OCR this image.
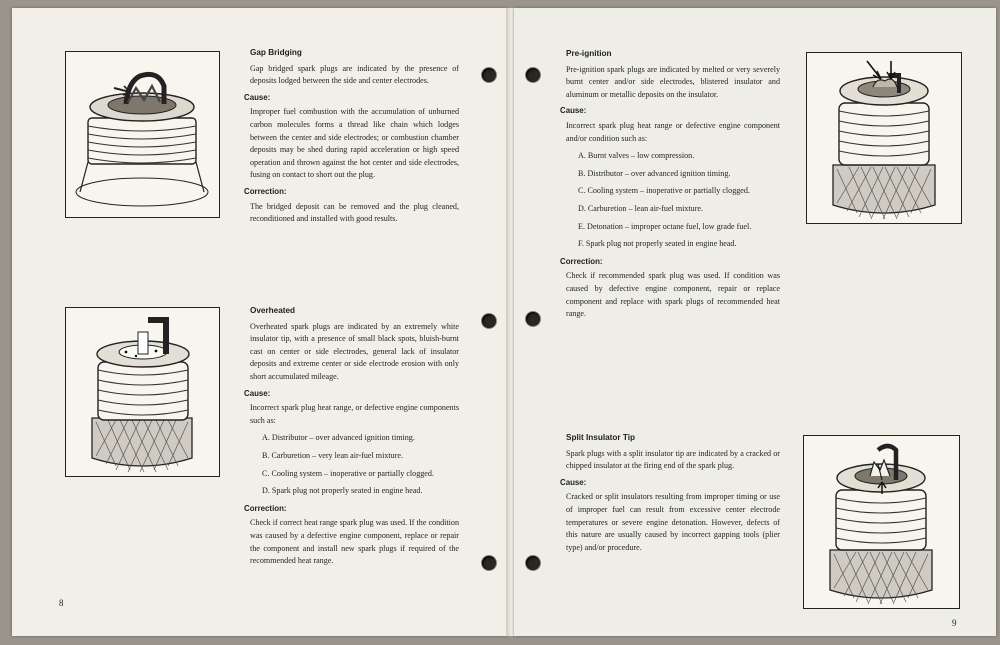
Gap Bridging

Gap bridged spark plugs are indicated by the presence of deposits lodged between the side and center electrodes.

Cause:

Improper fuel combustion with the accumulation of unburned carbon molecules forms a thread like chain which lodges between the center and side electrodes; or combustion chamber deposits may be shed during rapid acceleration or high speed operation and thrown against the hot center and side electrodes, fusing on contact to short out the plug.

Correction:

The bridged deposit can be removed and the plug cleaned, reconditioned and installed with good results.

Overheated

Overheated spark plugs are indicated by an extremely white insulator tip, with a presence of small black spots, bluish-burnt cast on center or side electrodes, general lack of insulator deposits and extreme center or side electrode erosion with only short accumulated mileage.

Cause:

Incorrect spark plug heat range, or defective engine components such as:

A. Distributor – over advanced ignition timing.
B. Carburetion – very lean air-fuel mixture.
C. Cooling system – inoperative or partially clogged.
D. Spark plug not properly seated in engine head.
Correction:

Check if correct heat range spark plug was used. If the condition was caused by a defective engine component, replace or repair the component and install new spark plugs if required of the recommended heat range.

8
Pre-ignition

Pre-ignition spark plugs are indicated by melted or very severely burnt center and/or side electrodes, blistered insulator and aluminum or metallic deposits on the insulator.

Cause:

Incorrect spark plug heat range or defective engine component and/or condition such as:

A. Burnt valves – low compression.
B. Distributor – over advanced ignition timing.
C. Cooling system – inoperative or partially clogged.
D. Carburetion – lean air-fuel mixture.
E. Detonation – improper octane fuel, low grade fuel.
F. Spark plug not properly seated in engine head.
Correction:

Check if recommended spark plug was used. If condition was caused by defective engine component, repair or replace component and replace with spark plugs of recommended heat range.

Split Insulator Tip

Spark plugs with a split insulator tip are indicated by a cracked or chipped insulator at the firing end of the spark plug.

Cause:

Cracked or split insulators resulting from improper timing or use of improper fuel can result from excessive center electrode temperatures or severe engine detonation. However, defects of this nature are usually caused by incorrect gapping tools (plier type) and/or procedure.

9
